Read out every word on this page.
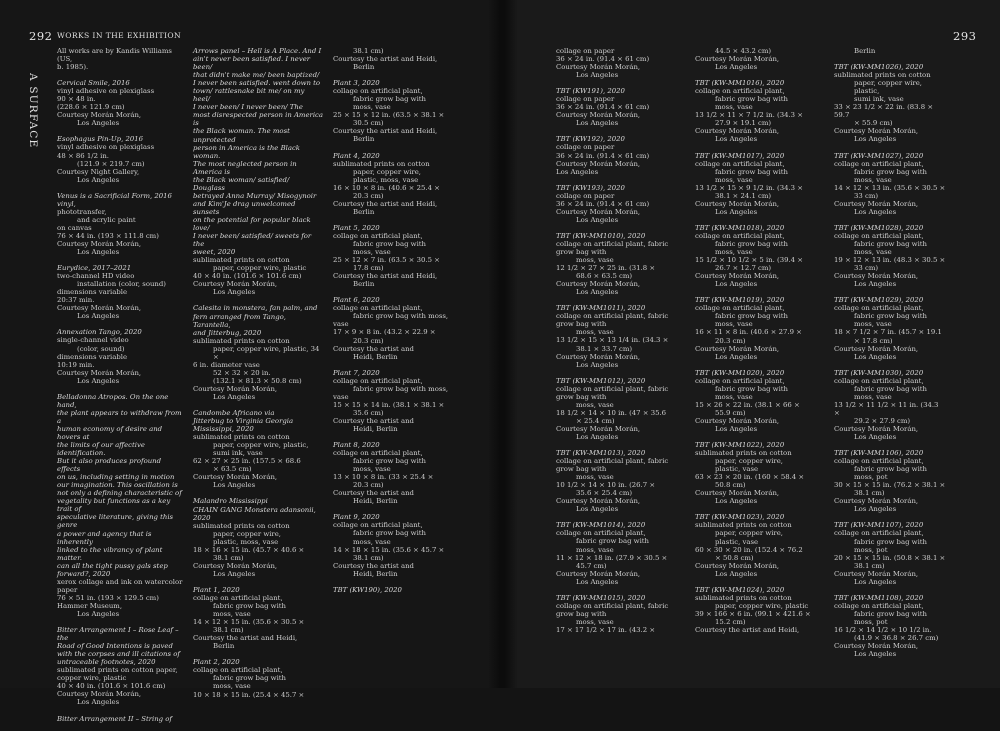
292 WORKS IN THE EXHIBITION	293
A SURFACE
All works are by Kandis Williams (US,
b. 1985).
Cervical Smile, 2016
vinyl adhesive on plexiglass
90 × 48 in.
(228.6 × 121.9 cm)
Courtesy Morán Morán,
Los Angeles
Esophagus Pin-Up, 2016
vinyl adhesive on plexiglass
48 × 86 1/2 in.
(121.9 × 219.7 cm)
Courtesy Night Gallery,
Los Angeles
Venus is a Sacrificial Form, 2016 vinyl,
phototransfer,
and acrylic paint
on canvas
76 × 44 in. (193 × 111.8 cm)
Courtesy Morán Morán,
Los Angeles
Eurydice, 2017–2021
two-channel HD video
installation (color, sound)
dimensions variable
20:37 min.
Courtesy Morán Morán,
Los Angeles
Annexation Tango, 2020
single-channel video
(color, sound)
dimensions variable
10:19 min.
Courtesy Morán Morán,
Los Angeles
Belladonna Atropos. On the one hand,
the plant appears to withdraw from a
human economy of desire and hovers at
the limits of our affective identification.
But it also produces profound effects
on us, including setting in motion
our imagination. This oscillation is
not only a defining characteristic of
vegetality but functions as a key trait of
speculative literature, giving this genre
a power and agency that is inherently
linked to the vibrancy of plant matter.
can all the tight pussy gals step
forward?, 2020
xerox collage and ink on watercolor
paper
76 × 51 in. (193 × 129.5 cm)
Hammer Museum,
Los Angeles
Bitter Arrangement I – Rose Leaf – the
Road of Good Intentions is paved
with the corpses and ill citations of
untraceable footnotes, 2020
sublimated prints on cotton paper,
copper wire, plastic
40 × 40 in. (101.6 × 101.6 cm)
Courtesy Morán Morán,
Los Angeles
Bitter Arrangement II – String of
Arrows panel – Hell is A Place. And I
ain't never been satisfied. I never been/
that didn't make me/ been baptized/
I never been satisfied. went down to
town/ rattlesnake bit me/ on my heel/
I never been/ I never been/ The
most disrespected person in America is
the Black woman. The most unprotected
person in America is the Black woman.
The most neglected person in America is
the Black woman/ satisfied/ Douglass
betrayed Anna Murray/ Misogynoir
and Kim'Je drag unwelcomed sunsets
on the potential for popular black love/
I never been/ satisfied/ sweets for the
sweet, 2020
sublimated prints on cotton
paper, copper wire, plastic
40 × 40 in. (101.6 × 101.6 cm)
Courtesy Morán Morán,
Los Angeles
Calesita in monstera, fan palm, and
fern arranged from Tango, Tarantella,
and Jitterbug, 2020
sublimated prints on cotton
paper, copper wire, plastic, 34 ×
6 in. diameter vase
52 × 32 × 20 in.
(132.1 × 81.3 × 50.8 cm)
Courtesy Morán Morán,
Los Angeles
Candombe Africano via
Jitterbug to Virginia Georgia
Mississippi, 2020
sublimated prints on cotton
paper, copper wire, plastic,
sumi ink, vase
62 × 27 × 25 in. (157.5 × 68.6
× 63.5 cm)
Courtesy Morán Morán,
Los Angeles
Malandro Mississippi
CHAIN GANG Monstera adansonii,
2020
sublimated prints on cotton
paper, copper wire,
plastic, moss, vase
18 × 16 × 15 in. (45.7 × 40.6 ×
38.1 cm)
Courtesy Morán Morán,
Los Angeles
Plant 1, 2020
collage on artificial plant,
fabric grow bag with
moss, vase
14 × 12 × 15 in. (35.6 × 30.5 ×
38.1 cm)
Courtesy the artist and Heidi,
Berlin
Plant 2, 2020
collage on artificial plant,
fabric grow bag with
moss, vase
10 × 18 × 15 in. (25.4 × 45.7 ×
38.1 cm)
Courtesy the artist and Heidi,
Berlin
Plant 3, 2020
collage on artificial plant,
fabric grow bag with
moss, vase
25 × 15 × 12 in. (63.5 × 38.1 ×
30.5 cm)
Courtesy the artist and Heidi,
Berlin
Plant 4, 2020
sublimated prints on cotton
paper, copper wire,
plastic, moss, vase
16 × 10 × 8 in. (40.6 × 25.4 ×
20.3 cm)
Courtesy the artist and Heidi,
Berlin
Plant 5, 2020
collage on artificial plant,
fabric grow bag with
moss, vase
25 × 12 × 7 in. (63.5 × 30.5 ×
17.8 cm)
Courtesy the artist and Heidi,
Berlin
Plant 6, 2020
collage on artificial plant,
fabric grow bag with moss,
vase
17 × 9 × 8 in. (43.2 × 22.9 ×
20.3 cm)
Courtesy the artist and
Heidi, Berlin
Plant 7, 2020
collage on artificial plant,
fabric grow bag with moss,
vase
15 × 15 × 14 in. (38.1 × 38.1 ×
35.6 cm)
Courtesy the artist and
Heidi, Berlin
Plant 8, 2020
collage on artificial plant,
fabric grow bag with
moss, vase
13 × 10 × 8 in. (33 × 25.4 ×
20.3 cm)
Courtesy the artist and
Heidi, Berlin
Plant 9, 2020
collage on artificial plant,
fabric grow bag with
moss, vase
14 × 18 × 15 in. (35.6 × 45.7 ×
38.1 cm)
Courtesy the artist and
Heidi, Berlin
TBT (KW190), 2020
collage on paper
36 × 24 in. (91.4 × 61 cm)
Courtesy Morán Morán,
Los Angeles
TBT (KW191), 2020
collage on paper
36 × 24 in. (91.4 × 61 cm)
Courtesy Morán Morán,
Los Angeles
TBT (KW192), 2020
collage on paper
36 × 24 in. (91.4 × 61 cm)
Courtesy Morán Morán,
Los Angeles
TBT (KW193), 2020
collage on paper
36 × 24 in. (91.4 × 61 cm)
Courtesy Morán Morán,
Los Angeles
TBT (KW-MM1010), 2020
collage on artificial plant, fabric
grow bag with
moss, vase
12 1/2 × 27 × 25 in. (31.8 ×
68.6 × 63.5 cm)
Courtesy Morán Morán,
Los Angeles
TBT (KW-MM1011), 2020
collage on artificial plant, fabric
grow bag with
moss, vase
13 1/2 × 15 × 13 1/4 in. (34.3 ×
38.1 × 33.7 cm)
Courtesy Morán Morán,
Los Angeles
TBT (KW-MM1012), 2020
collage on artificial plant, fabric
grow bag with
moss, vase
18 1/2 × 14 × 10 in. (47 × 35.6
× 25.4 cm)
Courtesy Morán Morán,
Los Angeles
TBT (KW-MM1013), 2020
collage on artificial plant, fabric
grow bag with
moss, vase
10 1/2 × 14 × 10 in. (26.7 ×
35.6 × 25.4 cm)
Courtesy Morán Morán,
Los Angeles
TBT (KW-MM1014), 2020
collage on artificial plant,
fabric grow bag with
moss, vase
11 × 12 × 18 in. (27.9 × 30.5 ×
45.7 cm)
Courtesy Morán Morán,
Los Angeles
TBT (KW-MM1015), 2020
collage on artificial plant, fabric
grow bag with
moss, vase
17 × 17 1/2 × 17 in. (43.2 ×
44.5 × 43.2 cm)
Courtesy Morán Morán,
Los Angeles
TBT (KW-MM1016), 2020
collage on artificial plant,
fabric grow bag with
moss, vase
13 1/2 × 11 × 7 1/2 in. (34.3 ×
27.9 × 19.1 cm)
Courtesy Morán Morán,
Los Angeles
TBT (KW-MM1017), 2020
collage on artificial plant,
fabric grow bag with
moss, vase
13 1/2 × 15 × 9 1/2 in. (34.3 ×
38.1 × 24.1 cm)
Courtesy Morán Morán,
Los Angeles
TBT (KW-MM1018), 2020
collage on artificial plant,
fabric grow bag with
moss, vase
15 1/2 × 10 1/2 × 5 in. (39.4 ×
26.7 × 12.7 cm)
Courtesy Morán Morán,
Los Angeles
TBT (KW-MM1019), 2020
collage on artificial plant,
fabric grow bag with
moss, vase
16 × 11 × 8 in. (40.6 × 27.9 ×
20.3 cm)
Courtesy Morán Morán,
Los Angeles
TBT (KW-MM1020), 2020
collage on artificial plant,
fabric grow bag with
moss, vase
15 × 26 × 22 in. (38.1 × 66 ×
55.9 cm)
Courtesy Morán Morán,
Los Angeles
TBT (KW-MM1022), 2020
sublimated prints on cotton
paper, copper wire,
plastic, vase
63 × 23 × 20 in. (160 × 58.4 ×
50.8 cm)
Courtesy Morán Morán,
Los Angeles
TBT (KW-MM1023), 2020
sublimated prints on cotton
paper, copper wire,
plastic, vase
60 × 30 × 20 in. (152.4 × 76.2
× 50.8 cm)
Courtesy Morán Morán,
Los Angeles
TBT (KW-MM1024), 2020
sublimated prints on cotton
paper, copper wire, plastic
39 × 166 × 6 in. (99.1 × 421.6 ×
15.2 cm)
Courtesy the artist and Heidi,
Berlin
TBT (KW-MM1026), 2020
sublimated prints on cotton
paper, copper wire, plastic,
sumi ink, vase
33 × 23 1/2 × 22 in. (83.8 × 59.7
× 55.9 cm)
Courtesy Morán Morán,
Los Angeles
TBT (KW-MM1027), 2020
collage on artificial plant,
fabric grow bag with
moss, vase
14 × 12 × 13 in. (35.6 × 30.5 ×
33 cm)
Courtesy Morán Morán,
Los Angeles
TBT (KW-MM1028), 2020
collage on artificial plant,
fabric grow bag with
moss, vase
19 × 12 × 13 in. (48.3 × 30.5 ×
33 cm)
Courtesy Morán Morán,
Los Angeles
TBT (KW-MM1029), 2020
collage on artificial plant,
fabric grow bag with
moss, vase
18 × 7 1/2 × 7 in. (45.7 × 19.1
× 17.8 cm)
Courtesy Morán Morán,
Los Angeles
TBT (KW-MM1030), 2020
collage on artificial plant,
fabric grow bag with
moss, vase
13 1/2 × 11 1/2 × 11 in. (34.3 ×
29.2 × 27.9 cm)
Courtesy Morán Morán,
Los Angeles
TBT (KW-MM1106), 2020
collage on artificial plant,
fabric grow bag with
moss, pot
30 × 15 × 15 in. (76.2 × 38.1 ×
38.1 cm)
Courtesy Morán Morán,
Los Angeles
TBT (KW-MM1107), 2020
collage on artificial plant,
fabric grow bag with
moss, pot
20 × 15 × 15 in. (50.8 × 38.1 ×
38.1 cm)
Courtesy Morán Morán,
Los Angeles
TBT (KW-MM1108), 2020
collage on artificial plant,
fabric grow bag with
moss, pot
16 1/2 × 14 1/2 × 10 1/2 in.
(41.9 × 36.8 × 26.7 cm)
Courtesy Morán Morán,
Los Angeles
